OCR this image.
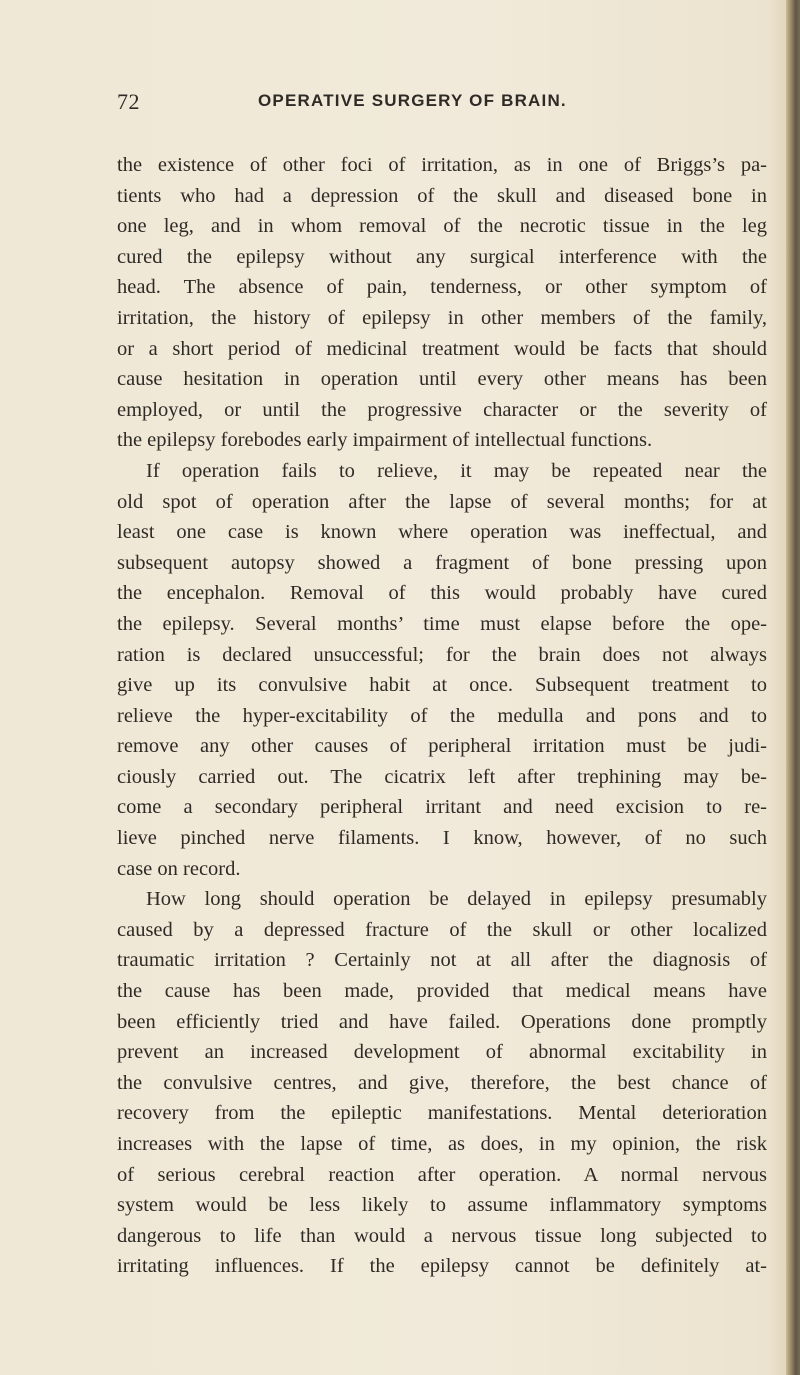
72	OPERATIVE SURGERY OF BRAIN.
the existence of other foci of irritation, as in one of Briggs’s pa-
tients who had a depression of the skull and diseased bone in
one leg, and in whom removal of the necrotic tissue in the leg
cured the epilepsy without any surgical interference with the
head. The absence of pain, tenderness, or other symptom of
irritation, the history of epilepsy in other members of the family,
or a short period of medicinal treatment would be facts that should
cause hesitation in operation until every other means has been
employed, or until the progressive character or the severity of
the epilepsy forebodes early impairment of intellectual functions.
If operation fails to relieve, it may be repeated near the
old spot of operation after the lapse of several months; for at
least one case is known where operation was ineffectual, and
subsequent autopsy showed a fragment of bone pressing upon
the encephalon. Removal of this would probably have cured
the epilepsy. Several months’ time must elapse before the ope-
ration is declared unsuccessful; for the brain does not always
give up its convulsive habit at once. Subsequent treatment to
relieve the hyper-excitability of the medulla and pons and to
remove any other causes of peripheral irritation must be judi-
ciously carried out. The cicatrix left after trephining may be-
come a secondary peripheral irritant and need excision to re-
lieve pinched nerve filaments. I know, however, of no such
case on record.
How long should operation be delayed in epilepsy presumably
caused by a depressed fracture of the skull or other localized
traumatic irritation ? Certainly not at all after the diagnosis of
the cause has been made, provided that medical means have
been efficiently tried and have failed. Operations done promptly
prevent an increased development of abnormal excitability in
the convulsive centres, and give, therefore, the best chance of
recovery from the epileptic manifestations. Mental deterioration
increases with the lapse of time, as does, in my opinion, the risk
of serious cerebral reaction after operation. A normal nervous
system would be less likely to assume inflammatory symptoms
dangerous to life than would a nervous tissue long subjected to
irritating influences. If the epilepsy cannot be definitely at-
